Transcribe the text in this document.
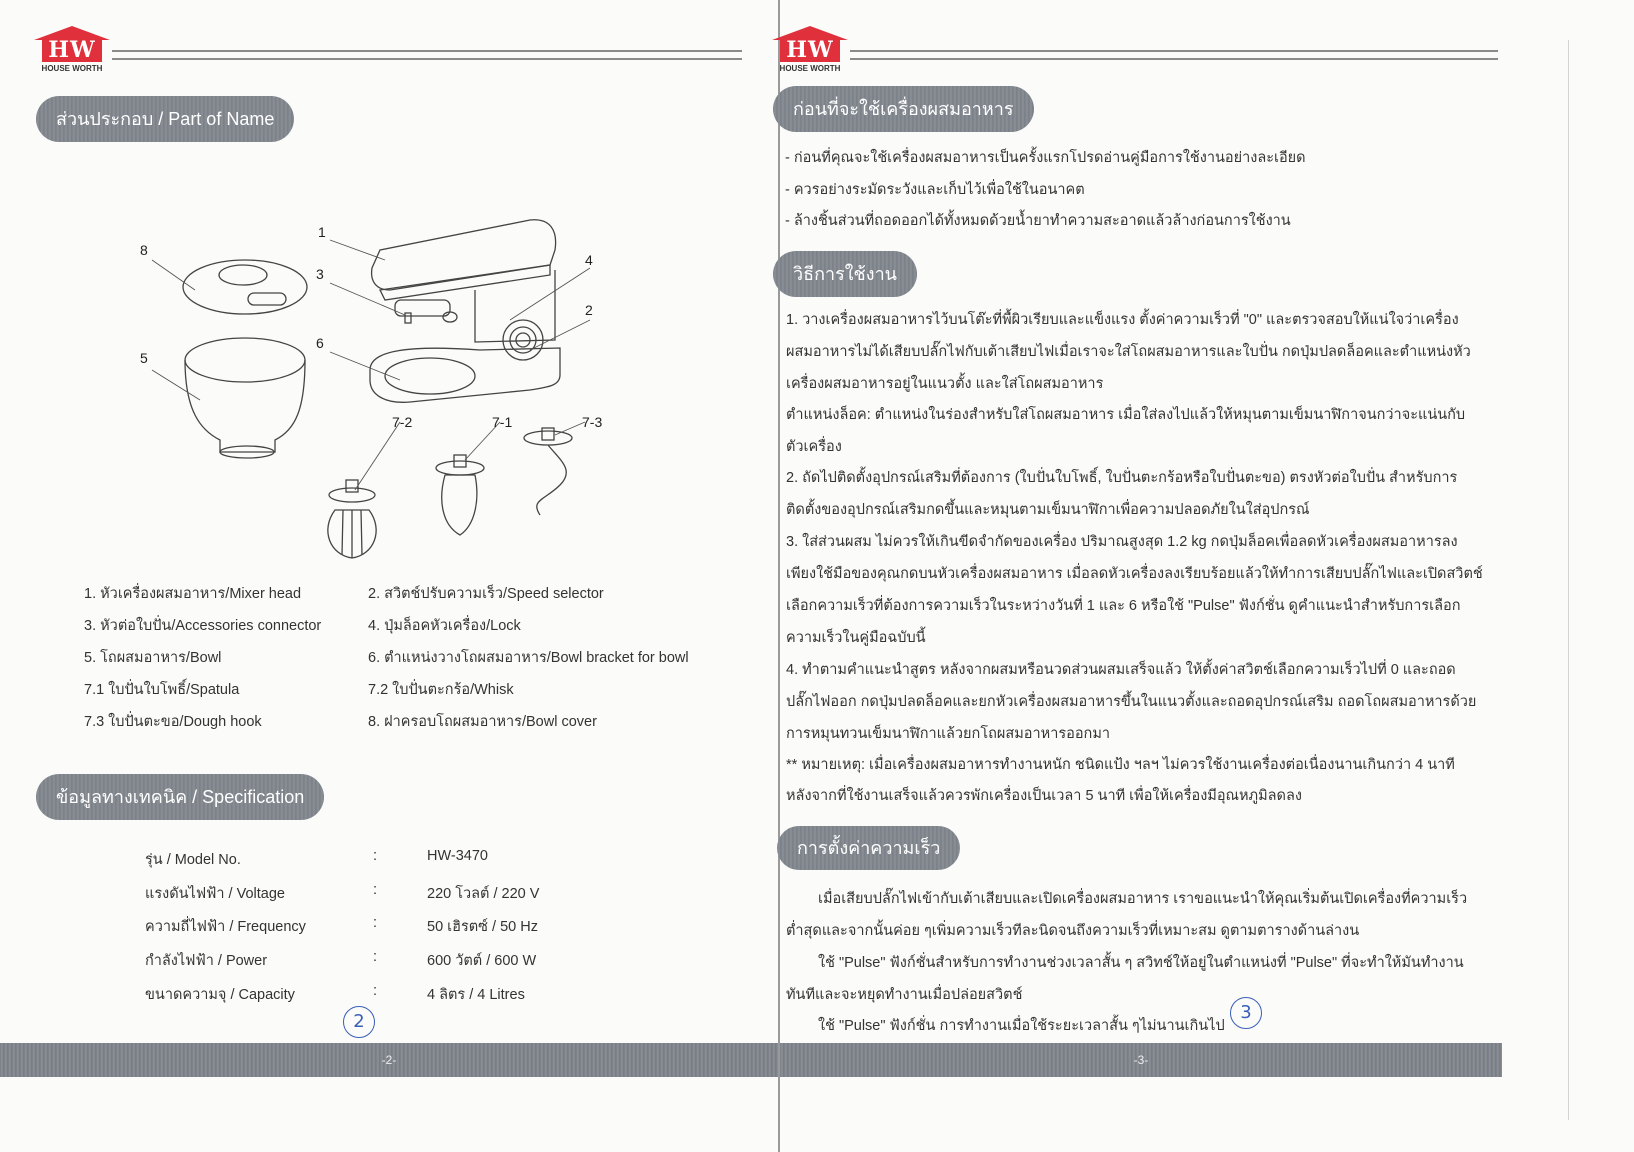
HW
HOUSE WORTH
ส่วนประกอบ / Part of Name
8
5
1
3
6
4
2
7-2	7-1	7-3
1. หัวเครื่องผสมอาหาร/Mixer head	2. สวิตช์ปรับความเร็ว/Speed selector
3. หัวต่อใบปั่น/Accessories connector	4. ปุ่มล็อคหัวเครื่อง/Lock
5. โถผสมอาหาร/Bowl	6. ตำแหน่งวางโถผสมอาหาร/Bowl bracket for bowl
7.1 ใบปั่นใบโพธิ์/Spatula	7.2 ใบปั่นตะกร้อ/Whisk
7.3 ใบปั่นตะขอ/Dough hook	8. ฝาครอบโถผสมอาหาร/Bowl cover
ข้อมูลทางเทคนิค / Specification
รุ่น / Model No.	:	HW-3470
แรงดันไฟฟ้า / Voltage	:	220 โวลต์ / 220 V
ความถี่ไฟฟ้า / Frequency	:	50 เฮิรตซ์ / 50 Hz
กำลังไฟฟ้า / Power	:	600 วัตต์ / 600 W
ขนาดความจุ / Capacity	:	4 ลิตร / 4 Litres
2
-2-
HW
HOUSE WORTH
ก่อนที่จะใช้เครื่องผสมอาหาร
- ก่อนที่คุณจะใช้เครื่องผสมอาหารเป็นครั้งแรกโปรดอ่านคู่มือการใช้งานอย่างละเอียด
- ควรอย่างระมัดระวังและเก็บไว้เพื่อใช้ในอนาคต
- ล้างชิ้นส่วนที่ถอดออกได้ทั้งหมดด้วยน้ำยาทำความสะอาดแล้วล้างก่อนการใช้งาน
วิธีการใช้งาน
1. วางเครื่องผสมอาหารไว้บนโต๊ะที่พื้ผิวเรียบและแข็งแรง ตั้งค่าความเร็วที่ "0" และตรวจสอบให้แน่ใจว่าเครื่อง
ผสมอาหารไม่ได้เสียบปลั๊กไฟกับเต้าเสียบไฟเมื่อเราจะใส่โถผสมอาหารและใบปั่น กดปุ่มปลดล็อคและตำแหน่งหัว
เครื่องผสมอาหารอยู่ในแนวตั้ง และใส่โถผสมอาหาร
ตำแหน่งล็อค: ตำแหน่งในร่องสำหรับใส่โถผสมอาหาร เมื่อใส่ลงไปแล้วให้หมุนตามเข็มนาฬิกาจนกว่าจะแน่นกับ
ตัวเครื่อง
2. ถัดไปติดตั้งอุปกรณ์เสริมที่ต้องการ (ใบปั่นใบโพธิ์, ใบปั่นตะกร้อหรือใบปั่นตะขอ) ตรงหัวต่อใบปั่น สำหรับการ
ติดตั้งของอุปกรณ์เสริมกดขึ้นและหมุนตามเข็มนาฬิกาเพื่อความปลอดภัยในใส่อุปกรณ์
3. ใส่ส่วนผสม ไม่ควรให้เกินขีดจำกัดของเครื่อง ปริมาณสูงสุด 1.2 kg กดปุ่มล็อคเพื่อลดหัวเครื่องผสมอาหารลง
เพียงใช้มือของคุณกดบนหัวเครื่องผสมอาหาร เมื่อลดหัวเครื่องลงเรียบร้อยแล้วให้ทำการเสียบปลั๊กไฟและเปิดสวิตช์
เลือกความเร็วที่ต้องการความเร็วในระหว่างวันที่ 1 และ 6 หรือใช้ "Pulse" ฟังก์ชั่น ดูคำแนะนำสำหรับการเลือก
ความเร็วในคู่มือฉบับนี้
4. ทำตามคำแนะนำสูตร หลังจากผสมหรือนวดส่วนผสมเสร็จแล้ว ให้ตั้งค่าสวิตช์เลือกความเร็วไปที่ 0 และถอด
ปลั๊กไฟออก กดปุ่มปลดล็อคและยกหัวเครื่องผสมอาหารขึ้นในแนวตั้งและถอดอุปกรณ์เสริม ถอดโถผสมอาหารด้วย
การหมุนทวนเข็มนาฬิกาแล้วยกโถผสมอาหารออกมา
** หมายเหตุ: เมื่อเครื่องผสมอาหารทำงานหนัก ชนิดแป้ง ฯลฯ ไม่ควรใช้งานเครื่องต่อเนื่องนานเกินกว่า 4 นาที
หลังจากที่ใช้งานเสร็จแล้วควรพักเครื่องเป็นเวลา 5 นาที เพื่อให้เครื่องมีอุณหภูมิลดลง
การตั้งค่าความเร็ว
เมื่อเสียบปลั๊กไฟเข้ากับเต้าเสียบและเปิดเครื่องผสมอาหาร เราขอแนะนำให้คุณเริ่มต้นเปิดเครื่องที่ความเร็ว
ต่ำสุดและจากนั้นค่อย ๆเพิ่มความเร็วทีละนิดจนถึงความเร็วที่เหมาะสม ดูตามตารางด้านล่างน
ใช้ "Pulse" ฟังก์ชั่นสำหรับการทำงานช่วงเวลาสั้น ๆ สวิทช์ให้อยู่ในตำแหน่งที่ "Pulse" ที่จะทำให้มันทำงาน
ทันทีและจะหยุดทำงานเมื่อปล่อยสวิตช์
ใช้ "Pulse" ฟังก์ชั่น การทำงานเมื่อใช้ระยะเวลาสั้น ๆไม่นานเกินไป
3
-3-
